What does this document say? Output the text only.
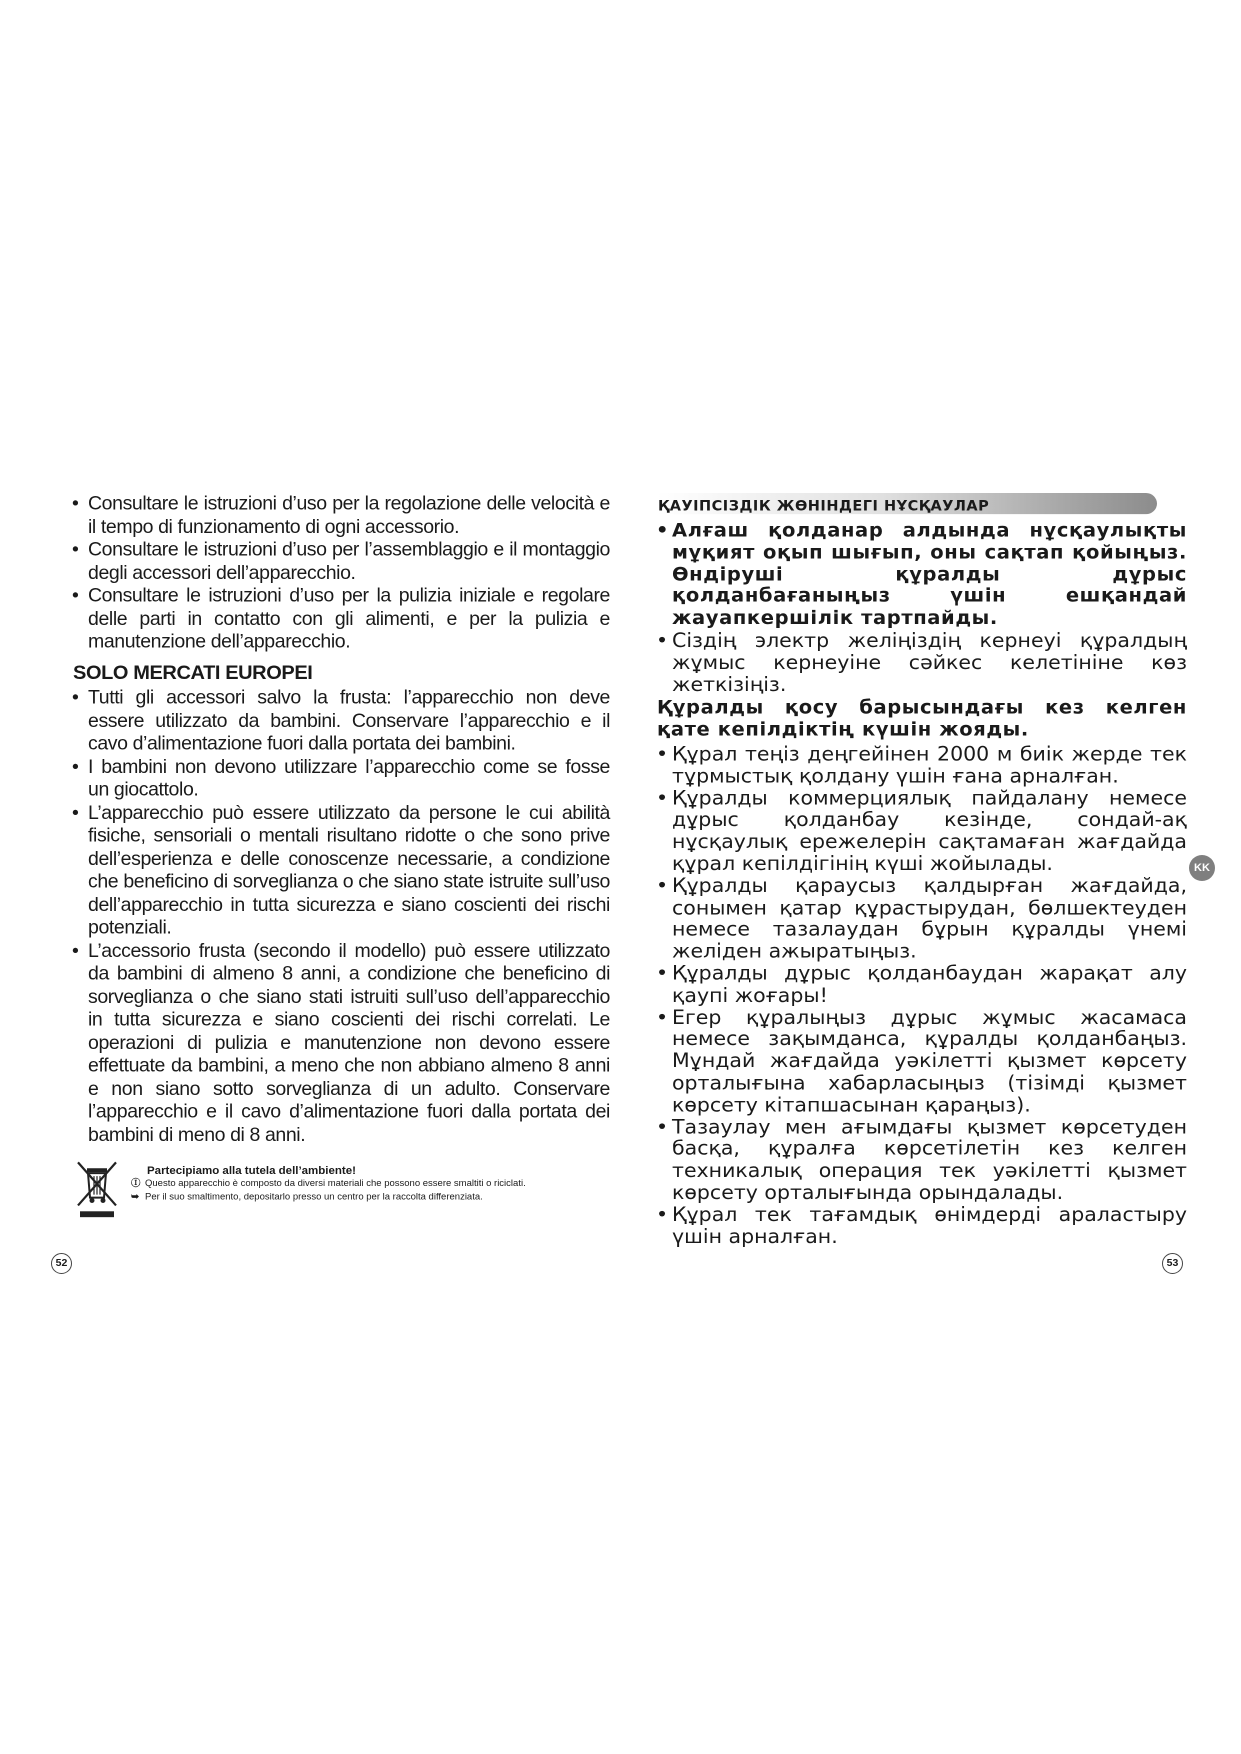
• Consultare le istruzioni d’uso per la regolazione delle velocità e il tempo di funzionamento di ogni accessorio.
• Consultare le istruzioni d’uso per l’assemblaggio e il montaggio degli accessori dell’apparecchio.
• Consultare le istruzioni d’uso per la pulizia iniziale e regolare delle parti in contatto con gli alimenti, e per la pulizia e manutenzione dell’apparecchio.
SOLO MERCATI EUROPEI
• Tutti gli accessori salvo la frusta: l’apparecchio non deve essere utilizzato da bambini. Conservare l’apparecchio e il cavo d’alimentazione fuori dalla portata dei bambini.
• I bambini non devono utilizzare l’apparecchio come se fosse un giocattolo.
• L’apparecchio può essere utilizzato da persone le cui abilità fisiche, sensoriali o mentali risultano ridotte o che sono prive dell’esperienza e delle conoscenze necessarie, a condizione che beneficino di sorveglianza o che siano state istruite sull’uso dell’apparecchio in tutta sicurezza e siano coscienti dei rischi potenziali.
• L’accessorio frusta (secondo il modello) può essere utilizzato da bambini di almeno 8 anni, a condizione che beneficino di sorveglianza o che siano stati istruiti sull’uso dell’apparecchio in tutta sicurezza e siano coscienti dei rischi correlati. Le operazioni di pulizia e manutenzione non devono essere effettuate da bambini, a meno che non abbiano almeno 8 anni e non siano sotto sorveglianza di un adulto. Conservare l’apparecchio e il cavo d’alimentazione fuori dalla portata dei bambini di meno di 8 anni.
Partecipiamo alla tutela dell’ambiente!
Ⓘ Questo apparecchio è composto da diversi materiali che possono essere smaltiti o riciclati.
➥ Per il suo smaltimento, depositarlo presso un centro per la raccolta differenziata.
52
ҚАУІПСІЗДІК ЖӨНІНДЕГІ НҰСҚАУЛАР
• Алғаш қолданар алдында нұсқаулықты мұқият оқып шығып, оны сақтап қойыңыз. Өндіруші құралды дұрыс қолданбағаныңыз үшін ешқандай жауапкершілік тартпайды.
• Сіздің электр желіңіздің кернеуі құралдың жұмыс кернеуіне сәйкес келетініне көз жеткізіңіз.
Құралды қосу барысындағы кез келген қате кепілдіктің күшін жояды.
• Құрал теңіз деңгейінен 2000 м биік жерде тек тұрмыстық қолдану үшін ғана арналған.
• Құралды коммерциялық пайдалану немесе дұрыс қолданбау кезінде, сондай-ақ нұсқаулық ережелерін сақтамаған жағдайда құрал кепілдігінің күші жойылады.
• Құралды қараусыз қалдырған жағдайда, сонымен қатар құрастырудан, бөлшектеуден немесе тазалаудан бұрын құралды үнемі желіден ажыратыңыз.
• Құралды дұрыс қолданбаудан жарақат алу қаупі жоғары!
• Егер құралыңыз дұрыс жұмыс жасамаса немесе зақымданса, құралды қолданбаңыз. Мұндай жағдайда уәкілетті қызмет көрсету орталығына хабарласыңыз (тізімді қызмет көрсету кітапшасынан қараңыз).
• Тазаулау мен ағымдағы қызмет көрсетуден басқа, құралға көрсетілетін кез келген техникалық операция тек уәкілетті қызмет көрсету орталығында орындалады.
• Құрал тек тағамдық өнімдерді араластыру үшін арналған.
KK
53
